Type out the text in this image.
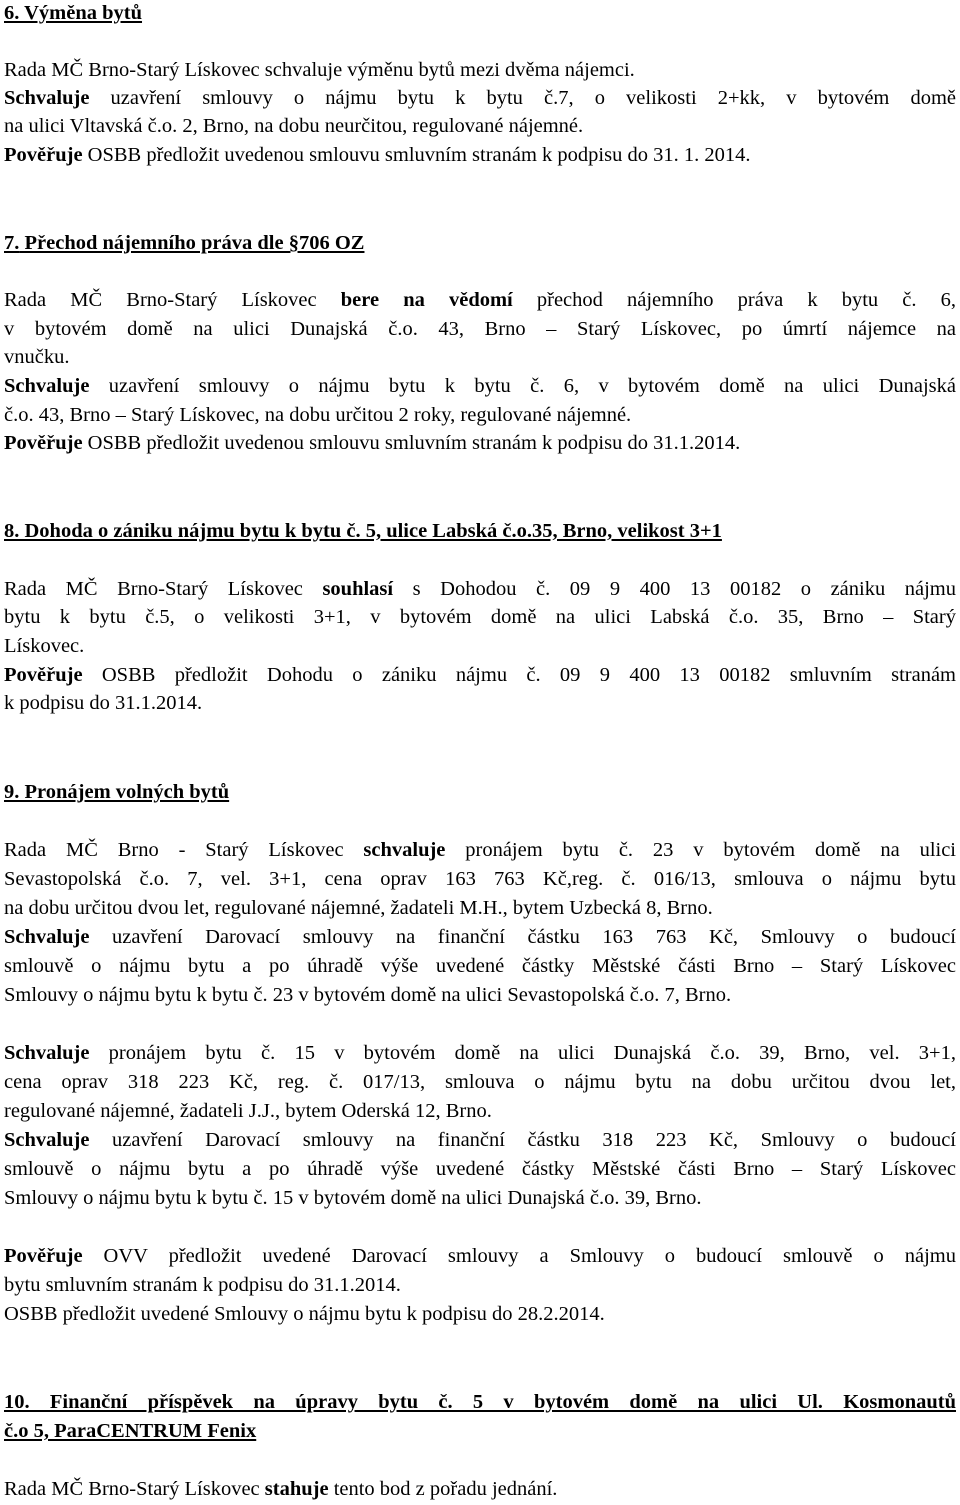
6. Výměna bytů
Rada MČ Brno-Starý Lískovec schvaluje výměnu bytů mezi dvěma nájemci.
Schvaluje uzavření smlouvy o nájmu bytu k bytu č.7, o velikosti 2+kk, v bytovém domě
na ulici Vltavská č.o. 2, Brno, na dobu neurčitou, regulované nájemné.
Pověřuje OSBB předložit uvedenou smlouvu smluvním stranám k podpisu do 31. 1. 2014.
7. Přechod nájemního práva dle §706 OZ
Rada MČ Brno-Starý Lískovec bere na vědomí přechod nájemního práva k bytu č. 6,
v bytovém domě na ulici Dunajská č.o. 43, Brno – Starý Lískovec, po úmrtí nájemce na
vnučku.
Schvaluje uzavření smlouvy o nájmu bytu k bytu č. 6, v bytovém domě na ulici Dunajská
č.o. 43, Brno – Starý Lískovec, na dobu určitou 2 roky, regulované nájemné.
Pověřuje OSBB předložit uvedenou smlouvu smluvním stranám k podpisu do 31.1.2014.
8. Dohoda o zániku nájmu bytu k bytu č. 5, ulice Labská č.o.35, Brno, velikost 3+1
Rada MČ Brno-Starý Lískovec souhlasí s Dohodou č. 09 9 400 13 00182 o zániku nájmu
bytu k bytu č.5, o velikosti 3+1, v bytovém domě na ulici Labská č.o. 35, Brno – Starý
Lískovec.
Pověřuje OSBB předložit Dohodu o zániku nájmu č. 09 9 400 13 00182 smluvním stranám
k podpisu do 31.1.2014.
9. Pronájem volných bytů
Rada MČ Brno - Starý Lískovec schvaluje pronájem bytu č. 23 v bytovém domě na ulici
Sevastopolská č.o. 7, vel. 3+1, cena oprav 163 763 Kč,reg. č. 016/13, smlouva o nájmu bytu
na dobu určitou dvou let, regulované nájemné, žadateli M.H., bytem Uzbecká 8, Brno.
Schvaluje uzavření Darovací smlouvy na finanční částku 163 763 Kč, Smlouvy o budoucí
smlouvě o nájmu bytu a po úhradě výše uvedené částky Městské části Brno – Starý Lískovec
Smlouvy o nájmu bytu k bytu č. 23 v bytovém domě na ulici Sevastopolská č.o. 7, Brno.
Schvaluje pronájem bytu č. 15 v bytovém domě na ulici Dunajská č.o. 39, Brno, vel. 3+1,
cena oprav 318 223 Kč, reg. č. 017/13, smlouva o nájmu bytu na dobu určitou dvou let,
regulované nájemné, žadateli J.J., bytem Oderská 12, Brno.
Schvaluje uzavření Darovací smlouvy na finanční částku 318 223 Kč, Smlouvy o budoucí
smlouvě o nájmu bytu a po úhradě výše uvedené částky Městské části Brno – Starý Lískovec
Smlouvy o nájmu bytu k bytu č. 15 v bytovém domě na ulici Dunajská č.o. 39, Brno.
Pověřuje OVV předložit uvedené Darovací smlouvy a Smlouvy o budoucí smlouvě o nájmu
bytu smluvním stranám k podpisu do 31.1.2014.
OSBB předložit uvedené Smlouvy o nájmu bytu k podpisu do 28.2.2014.
10. Finanční příspěvek na úpravy bytu č. 5 v bytovém domě na ulici Ul. Kosmonautů
č.o 5, ParaCENTRUM Fenix
Rada MČ Brno-Starý Lískovec stahuje tento bod z pořadu jednání.
